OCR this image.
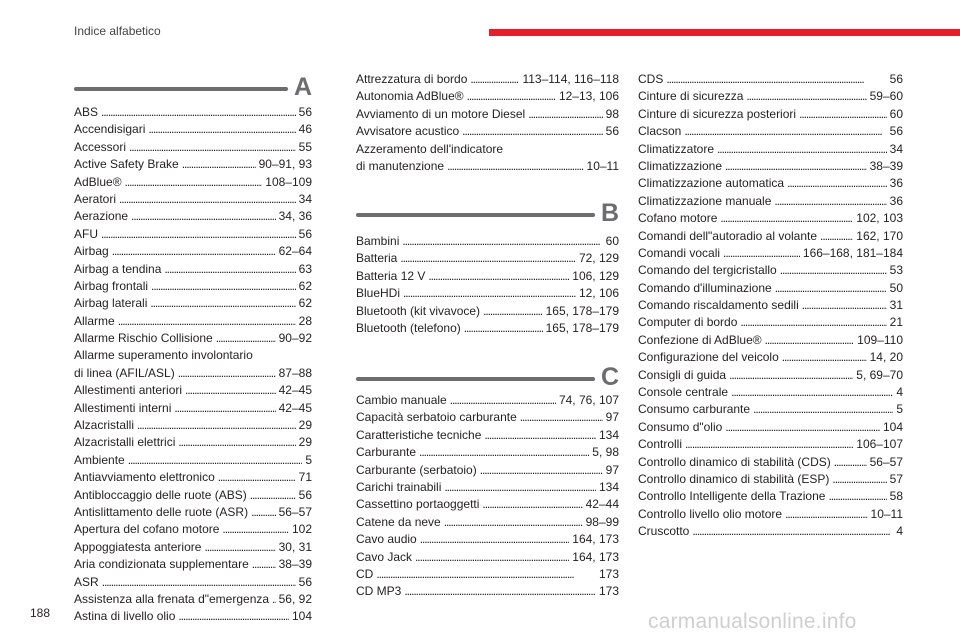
Indice alfabetico
A
ABS . . .	56
Accendisigari . . .	46
Accessori . . .	55
Active Safety Brake . . .	90–91, 93
AdBlue® . . .	108–109
Aeratori . . .	34
Aerazione . . .	34, 36
AFU . . .	56
Airbag . . .	62–64
Airbag a tendina . . .	63
Airbag frontali . . .	62
Airbag laterali . . .	62
Allarme . . .	28
Allarme Rischio Collisione . . .	90–92
Allarme superamento involontario
di linea (AFIL/ASL) . . .	87–88
Allestimenti anteriori . . .	42–45
Allestimenti interni . . .	42–45
Alzacristalli . . .	29
Alzacristalli elettrici . . .	29
Ambiente . . .	5
Antiavviamento elettronico . . .	71
Antibloccaggio delle ruote (ABS) . . .	56
Antislittamento delle ruote (ASR) . . .	56–57
Apertura del cofano motore . . .	102
Appoggiatesta anteriore . . .	30, 31
Aria condizionata supplementare . . . 38–39
ASR . . .	56
Assistenza alla frenata d"emergenza . . . 56, 92
Astina di livello olio . . .	104
Attrezzatura di bordo . . .	113–114, 116–118
Autonomia AdBlue® . . .	12–13, 106
Avviamento di un motore Diesel . . .	98
Avvisatore acustico . . .	56
Azzeramento dell'indicatore
di manutenzione . . .	10–11
B
Bambini . . .	60
Batteria . . .	72, 129
Batteria 12 V . . .	106, 129
BlueHDi . . .	12, 106
Bluetooth (kit vivavoce) . . .	165, 178–179
Bluetooth (telefono) . . .	165, 178–179
C
Cambio manuale . . .	74, 76, 107
Capacità serbatoio carburante . . .	97
Caratteristiche tecniche . . .	134
Carburante . . .	5, 98
Carburante (serbatoio) . . .	97
Carichi trainabili . . .	134
Cassettino portaoggetti . . .	42–44
Catene da neve . . .	98–99
Cavo audio . . .	164, 173
Cavo Jack . . .	164, 173
CD . . .	173
CD MP3 . . .	173
CDS . . .	56
Cinture di sicurezza . . .	59–60
Cinture di sicurezza posteriori . . .	60
Clacson . . .	56
Climatizzatore . . .	34
Climatizzazione . . .	38–39
Climatizzazione automatica . . .	36
Climatizzazione manuale . . .	36
Cofano motore . . .	102, 103
Comandi dell"autoradio al volante . . .	162, 170
Comandi vocali . . .	166–168, 181–184
Comando del tergicristallo . . .	53
Comando d'illuminazione . . .	50
Comando riscaldamento sedili . . .	31
Computer di bordo . . .	21
Confezione di AdBlue® . . .	109–110
Configurazione del veicolo . . .	14, 20
Consigli di guida . . .	5, 69–70
Console centrale . . .	4
Consumo carburante . . .	5
Consumo d"olio . . .	104
Controlli . . .	106–107
Controllo dinamico di stabilità (CDS) . . .	56–57
Controllo dinamico di stabilità (ESP) . . .	57
Controllo Intelligente della Trazione . . .	58
Controllo livello olio motore . . .	10–11
Cruscotto . . .	4
188	carmanualsonline.info
